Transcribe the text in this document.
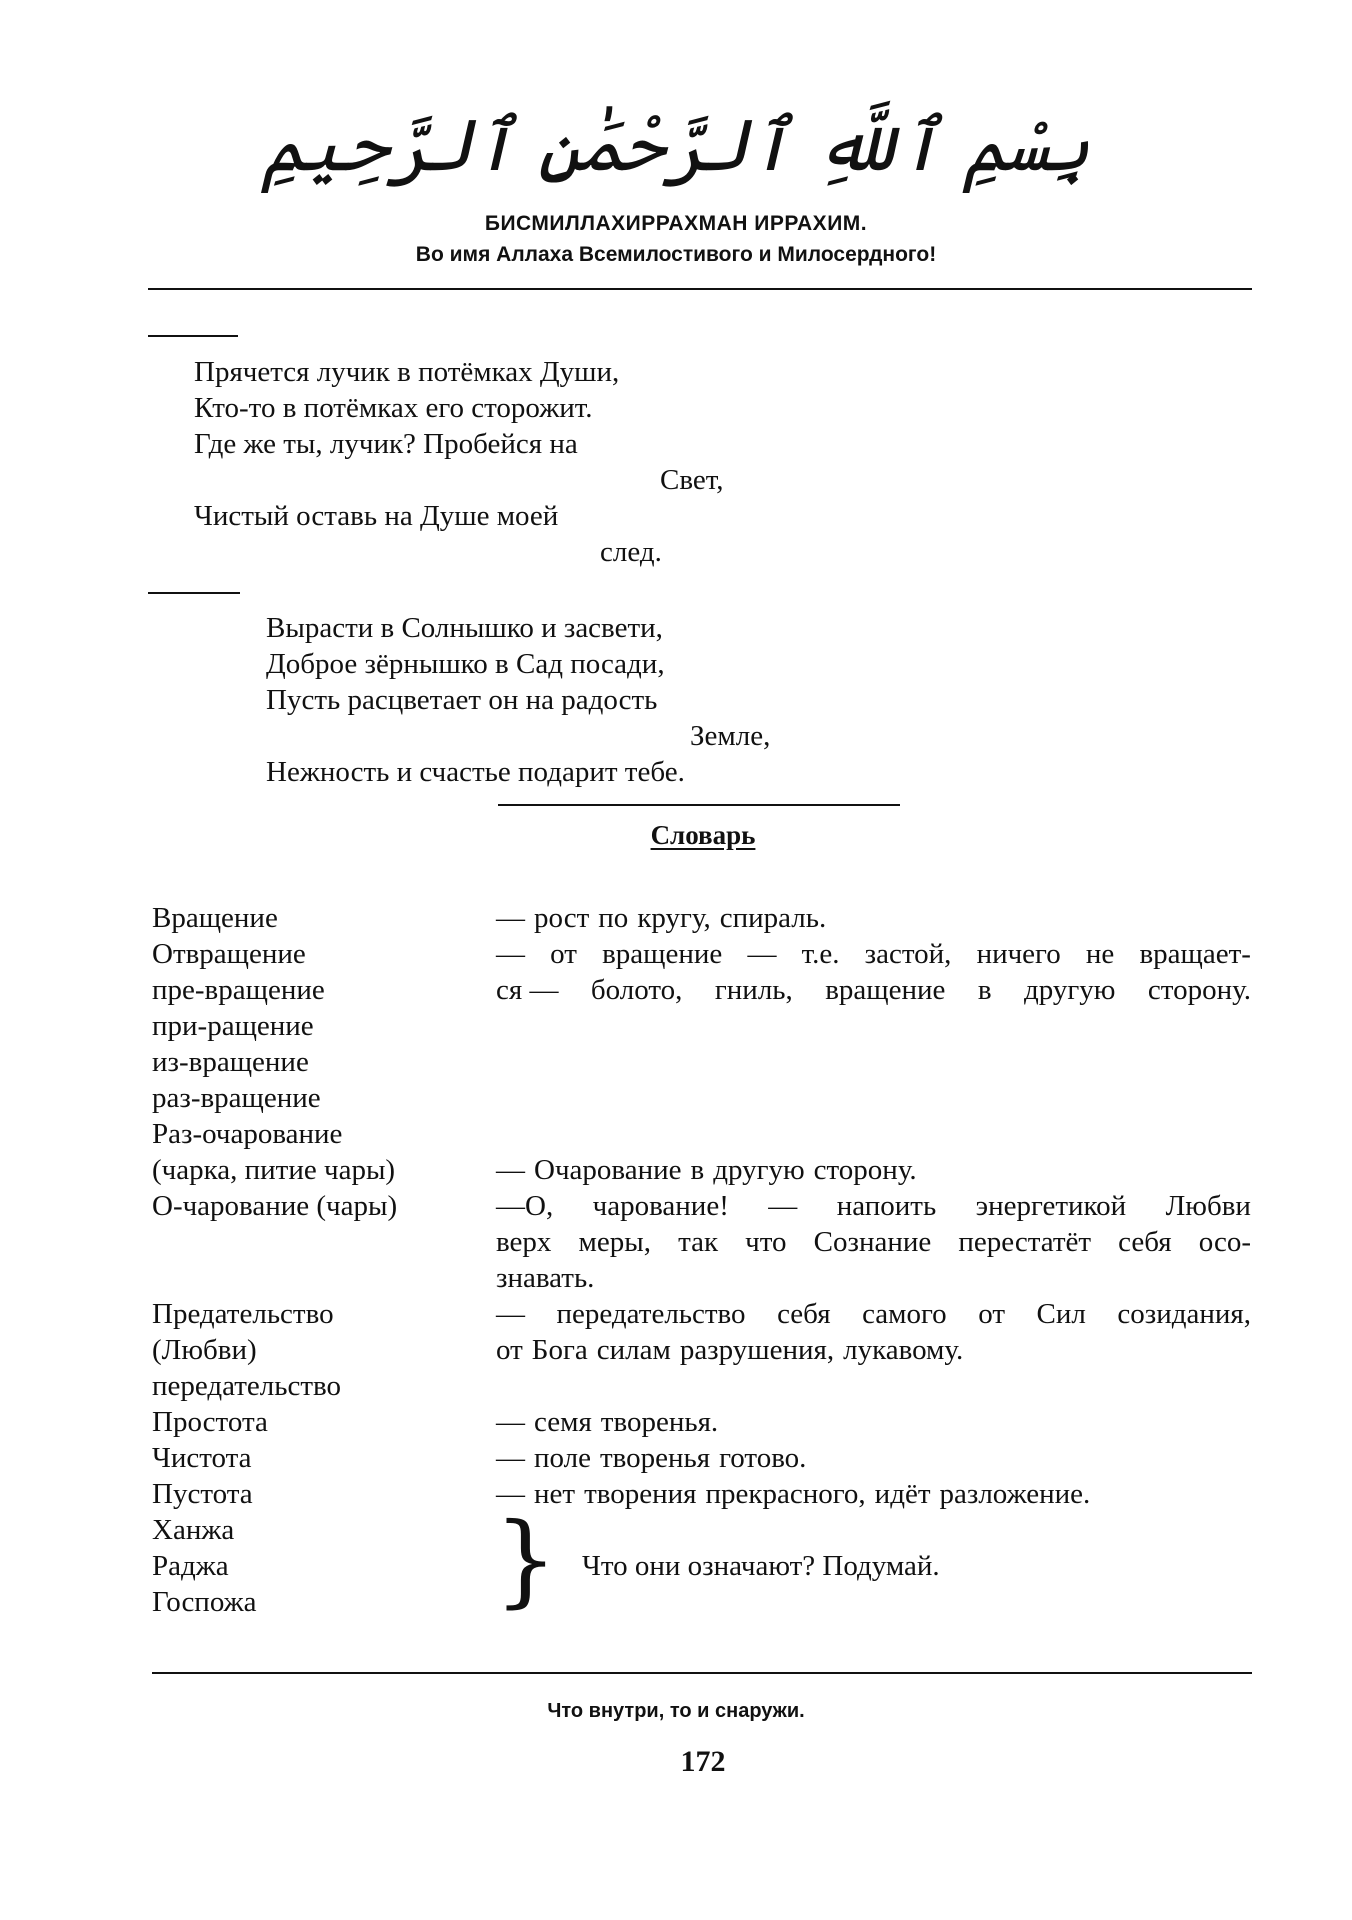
بِسْمِ ٱللَّهِ ٱلرَّحْمَٰنِ ٱلرَّحِيمِ
БИСМИЛЛАХИРРАХМАН ИРРАХИМ.
Во имя Аллаха Всемилостивого и Милосердного!
Прячется лучик в потёмках Души,
Кто-то в потёмках его сторожит.
Где же ты, лучик? Пробейся на
Свет,
Чистый оставь на Душе моей
след.
Вырасти в Солнышко и засвети,
Доброе зёрнышко в Сад посади,
Пусть расцветает он на радость
Земле,
Нежность и счастье подарит тебе.
Словарь
Вращение
Отвращение
пре-вращение
при-ращение
из-вращение
раз-вращение
Раз-очарование
(чарка, питие чары)
О-чарование (чары)
Предательство
(Любви)
передательство
Простота
Чистота
Пустота
Ханжа
Раджа
Госпожа
— рост по кругу, спираль.
— от вращение — т.е. застой, ничего не вращает-
ся — болото, гниль, вращение в другую сторону.
— Очарование в другую сторону.
—О, чарование! — напоить энергетикой Любви
верх меры, так что Сознание перестатёт себя осо-
знавать.
— передательство себя самого от Сил созидания,
от Бога силам разрушения, лукавому.
— семя творенья.
— поле творенья готово.
— нет творения прекрасного, идёт разложение.
} Что они означают? Подумай.
Что внутри, то и снаружи.
172
